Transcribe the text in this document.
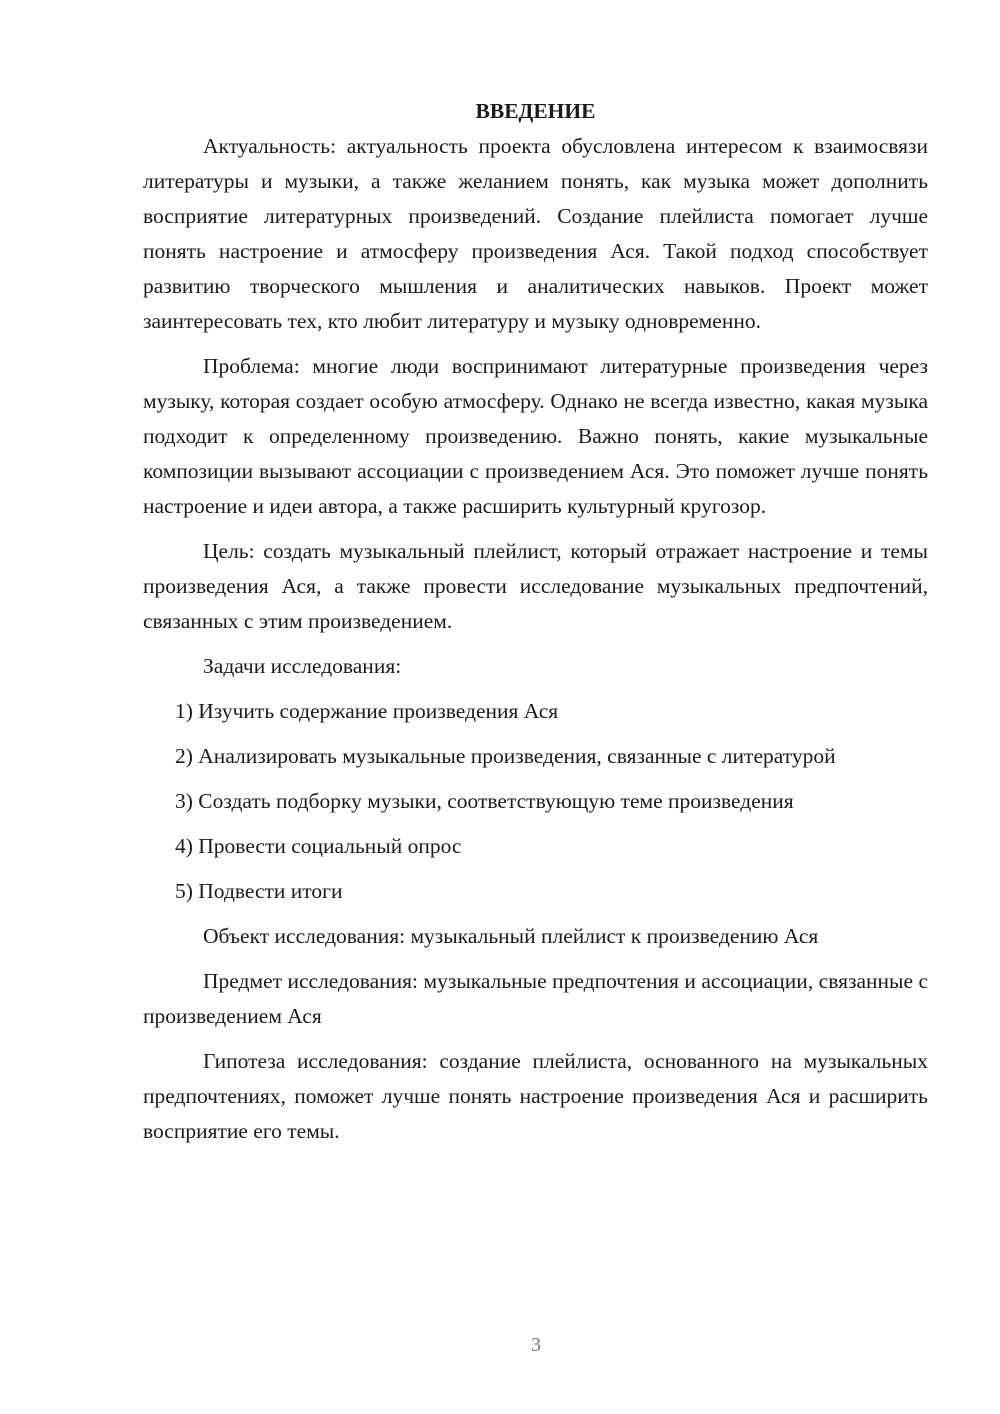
ВВЕДЕНИЕ

Актуальность: актуальность проекта обусловлена интересом к взаимосвязи литературы и музыки, а также желанием понять, как музыка может дополнить восприятие литературных произведений. Создание плейлиста помогает лучше понять настроение и атмосферу произведения Ася. Такой подход способствует развитию творческого мышления и аналитических навыков. Проект может заинтересовать тех, кто любит литературу и музыку одновременно.

Проблема: многие люди воспринимают литературные произведения через музыку, которая создает особую атмосферу. Однако не всегда известно, какая музыка подходит к определенному произведению. Важно понять, какие музыкальные композиции вызывают ассоциации с произведением Ася. Это поможет лучше понять настроение и идеи автора, а также расширить культурный кругозор.

Цель: создать музыкальный плейлист, который отражает настроение и темы произведения Ася, а также провести исследование музыкальных предпочтений, связанных с этим произведением.

Задачи исследования:

1) Изучить содержание произведения Ася

2) Анализировать музыкальные произведения, связанные с литературой

3) Создать подборку музыки, соответствующую теме произведения

4) Провести социальный опрос

5) Подвести итоги

Объект исследования: музыкальный плейлист к произведению Ася

Предмет исследования: музыкальные предпочтения и ассоциации, связанные с произведением Ася

Гипотеза исследования: создание плейлиста, основанного на музыкальных предпочтениях, поможет лучше понять настроение произведения Ася и расширить восприятие его темы.

3
